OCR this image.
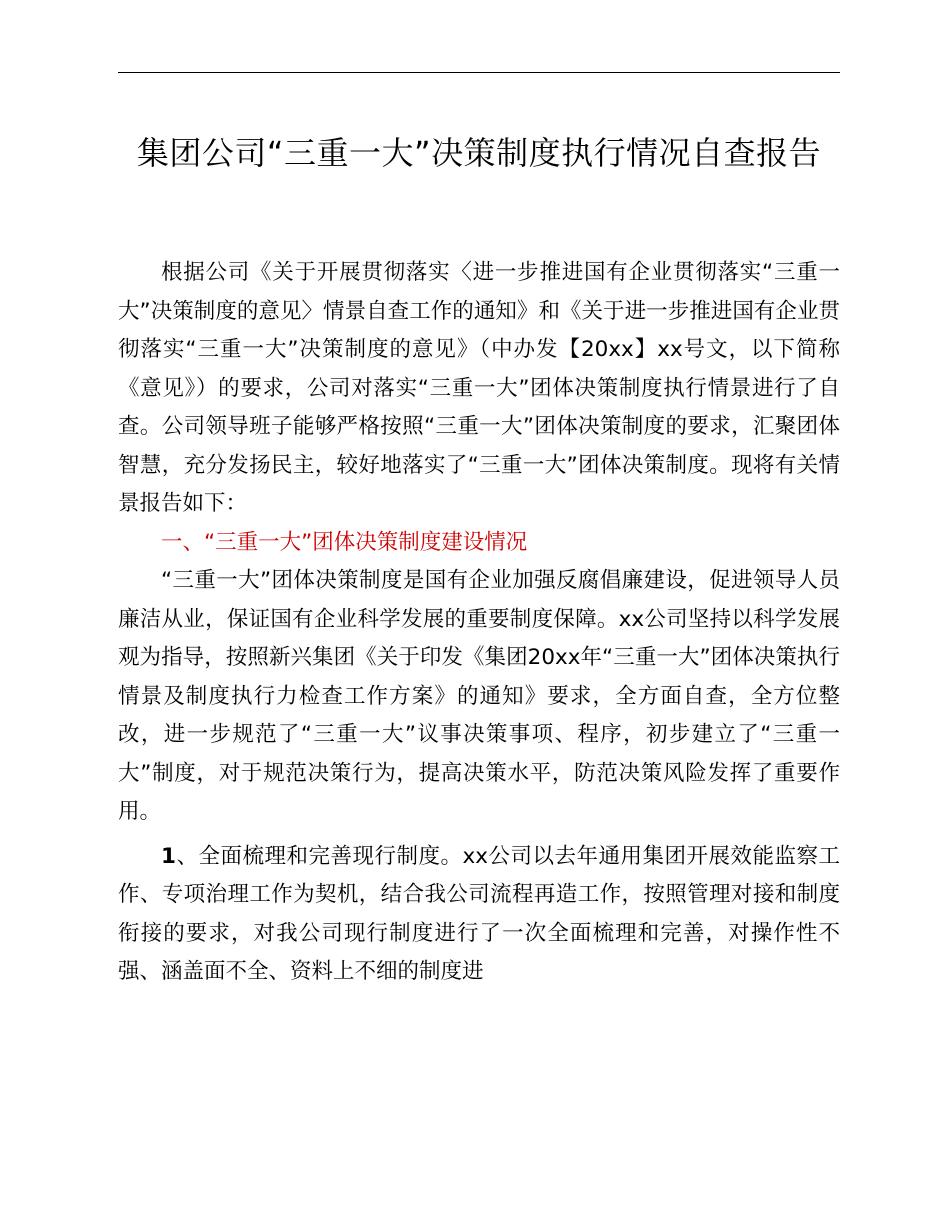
集团公司“三重一大”决策制度执行情况自查报告

根据公司《关于开展贯彻落实〈进一步推进国有企业贯彻落实“三重一大”决策制度的意见〉情景自查工作的通知》和《关于进一步推进国有企业贯彻落实“三重一大”决策制度的意见》（中办发【20xx】xx号文，以下简称《意见》）的要求，公司对落实“三重一大”团体决策制度执行情景进行了自查。公司领导班子能够严格按照“三重一大”团体决策制度的要求，汇聚团体智慧，充分发扬民主，较好地落实了“三重一大”团体决策制度。现将有关情景报告如下：

一、“三重一大”团体决策制度建设情况

“三重一大”团体决策制度是国有企业加强反腐倡廉建设，促进领导人员廉洁从业，保证国有企业科学发展的重要制度保障。xx公司坚持以科学发展观为指导，按照新兴集团《关于印发《集团20xx年“三重一大”团体决策执行情景及制度执行力检查工作方案》的通知》要求，全方面自查，全方位整改，进一步规范了“三重一大”议事决策事项、程序，初步建立了“三重一大”制度，对于规范决策行为，提高决策水平，防范决策风险发挥了重要作用。

1、全面梳理和完善现行制度。xx公司以去年通用集团开展效能监察工作、专项治理工作为契机，结合我公司流程再造工作，按照管理对接和制度衔接的要求，对我公司现行制度进行了一次全面梳理和完善，对操作性不强、涵盖面不全、资料上不细的制度进
